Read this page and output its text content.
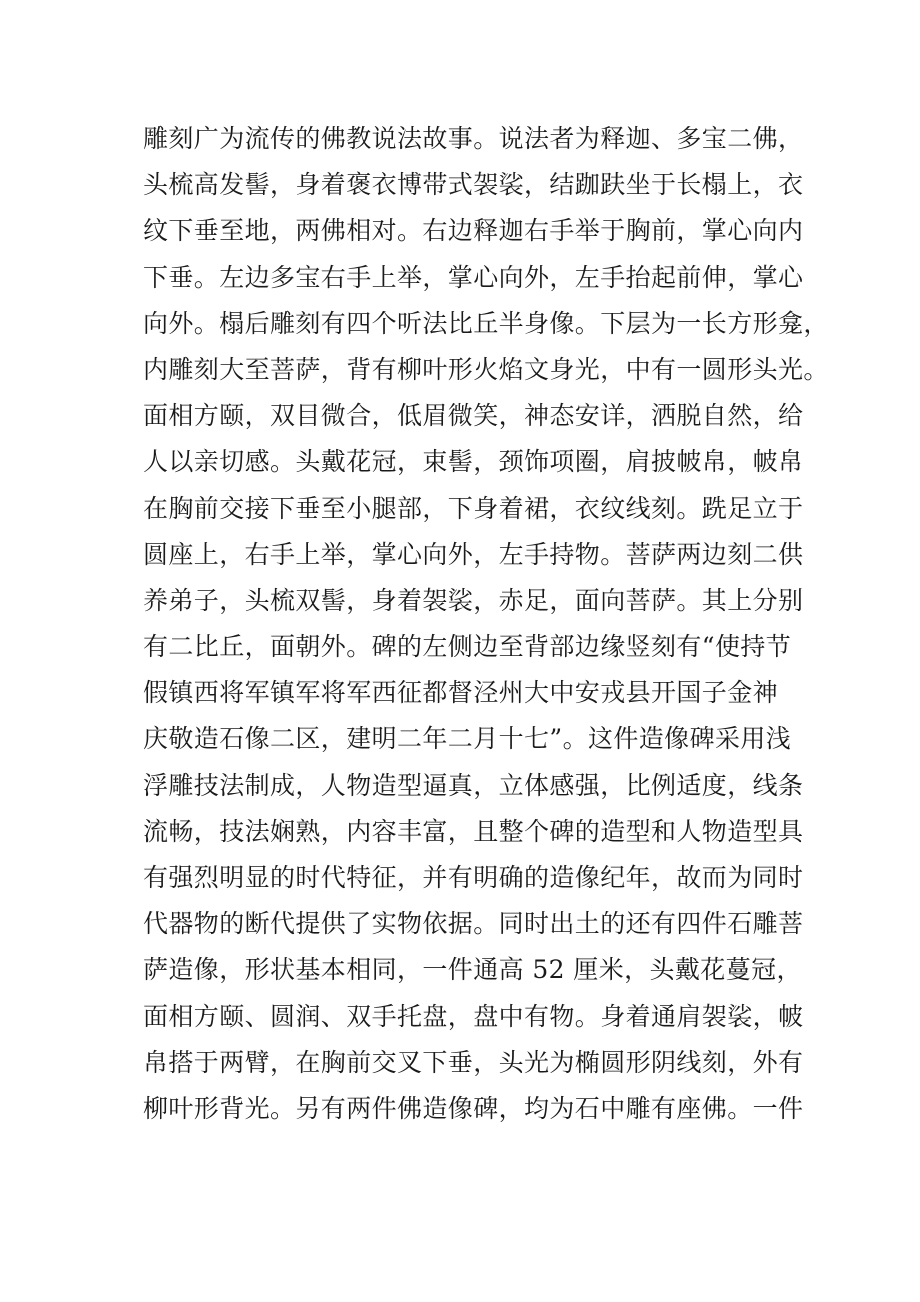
雕刻广为流传的佛教说法故事。说法者为释迦、多宝二佛，
头梳高发髻，身着褒衣博带式袈裟，结跏趺坐于长榻上，衣
纹下垂至地，两佛相对。右边释迦右手举于胸前，掌心向内
下垂。左边多宝右手上举，掌心向外，左手抬起前伸，掌心
向外。榻后雕刻有四个听法比丘半身像。下层为一长方形龛，
内雕刻大至菩萨，背有柳叶形火焰文身光，中有一圆形头光。
面相方颐，双目微合，低眉微笑，神态安详，洒脱自然，给
人以亲切感。头戴花冠，束髻，颈饰项圈，肩披帔帛，帔帛
在胸前交接下垂至小腿部，下身着裙，衣纹线刻。跣足立于
圆座上，右手上举，掌心向外，左手持物。菩萨两边刻二供
养弟子，头梳双髻，身着袈裟，赤足，面向菩萨。其上分别
有二比丘，面朝外。碑的左侧边至背部边缘竖刻有“使持节
假镇西将军镇军将军西征都督泾州大中安戎县开国子金神
庆敬造石像二区，建明二年二月十七”。这件造像碑采用浅
浮雕技法制成，人物造型逼真，立体感强，比例适度，线条
流畅，技法娴熟，内容丰富，且整个碑的造型和人物造型具
有强烈明显的时代特征，并有明确的造像纪年，故而为同时
代器物的断代提供了实物依据。同时出土的还有四件石雕菩
萨造像，形状基本相同，一件通高 52 厘米，头戴花蔓冠，
面相方颐、圆润、双手托盘，盘中有物。身着通肩袈裟，帔
帛搭于两臂，在胸前交叉下垂，头光为椭圆形阴线刻，外有
柳叶形背光。另有两件佛造像碑，均为石中雕有座佛。一件
